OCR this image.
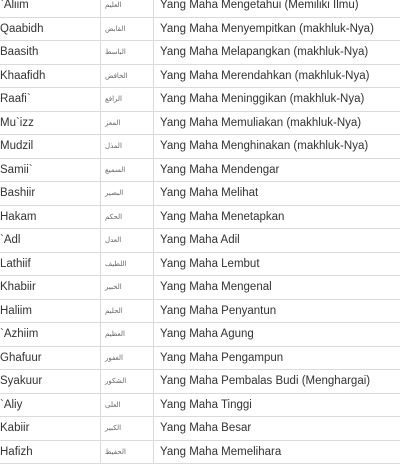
`Aliim	العليم	Yang Maha Mengetahui (Memiliki Ilmu)
Qaabidh	القابض	Yang Maha Menyempitkan (makhluk-Nya)
Baasith	الباسط	Yang Maha Melapangkan (makhluk-Nya)
Khaafidh	الخافض	Yang Maha Merendahkan (makhluk-Nya)
Raafi`	الرافع	Yang Maha Meninggikan (makhluk-Nya)
Mu`izz	المعز	Yang Maha Memuliakan (makhluk-Nya)
Mudzil	المذل	Yang Maha Menghinakan (makhluk-Nya)
Samii`	السميع	Yang Maha Mendengar
Bashiir	البصير	Yang Maha Melihat
Hakam	الحكم	Yang Maha Menetapkan
`Adl	العدل	Yang Maha Adil
Lathiif	اللطيف	Yang Maha Lembut
Khabiir	الخبير	Yang Maha Mengenal
Haliim	الحليم	Yang Maha Penyantun
`Azhiim	العظيم	Yang Maha Agung
Ghafuur	الغفور	Yang Maha Pengampun
Syakuur	الشكور	Yang Maha Pembalas Budi (Menghargai)
`Aliy	العلى	Yang Maha Tinggi
Kabiir	الكبير	Yang Maha Besar
Hafizh	الحفيظ	Yang Maha Memelihara
